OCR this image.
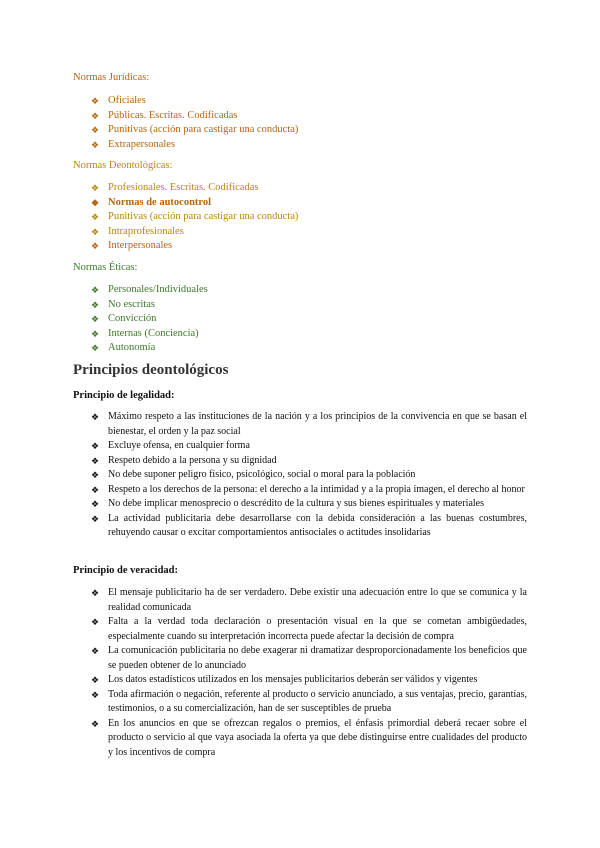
Normas Jurídicas:
❖ Oficiales
❖ Públicas. Escritas. Codificadas
❖ Punitivas (acción para castigar una conducta)
❖ Extrapersonales
Normas Deontológicas:
❖ Profesionales. Escritas. Codificadas
❖ Normas de autocontrol
❖ Punitivas (acción para castigar una conducta)
❖ Intraprofesionales
❖ Interpersonales
Normas Éticas:
❖ Personales/Individuales
❖ No escritas
❖ Convicción
❖ Internas (Conciencia)
❖ Autonomía
Principios deontológicos
Principio de legalidad:
❖ Máximo respeto a las instituciones de la nación y a los principios de la convivencia en que se basan el bienestar, el orden y la paz social
❖ Excluye ofensa, en cualquier forma
❖ Respeto debido a la persona y su dignidad
❖ No debe suponer peligro físico, psicológico, social o moral para la población
❖ Respeto a los derechos de la persona: el derecho a la intimidad y a la propia imagen, el derecho al honor
❖ No debe implicar menosprecio o descrédito de la cultura y sus bienes espirituales y materiales
❖ La actividad publicitaria debe desarrollarse con la debida consideración a las buenas costumbres, rehuyendo causar o excitar comportamientos antisociales o actitudes insolidarias
Principio de veracidad:
❖ El mensaje publicitario ha de ser verdadero. Debe existir una adecuación entre lo que se comunica y la realidad comunicada
❖ Falta a la verdad toda declaración o presentación visual en la que se cometan ambigüedades, especialmente cuando su interpretación incorrecta puede afectar la decisión de compra
❖ La comunicación publicitaria no debe exagerar ni dramatizar desproporcionadamente los beneficios que se pueden obtener de lo anunciado
❖ Los datos estadísticos utilizados en los mensajes publicitarios deberán ser válidos y vigentes
❖ Toda afirmación o negación, referente al producto o servicio anunciado, a sus ventajas, precio, garantías, testimonios, o a su comercialización, han de ser susceptibles de prueba
❖ En los anuncios en que se ofrezcan regalos o premios, el énfasis primordial deberá recaer sobre el producto o servicio al que vaya asociada la oferta ya que debe distinguirse entre cualidades del producto y los incentivos de compra
